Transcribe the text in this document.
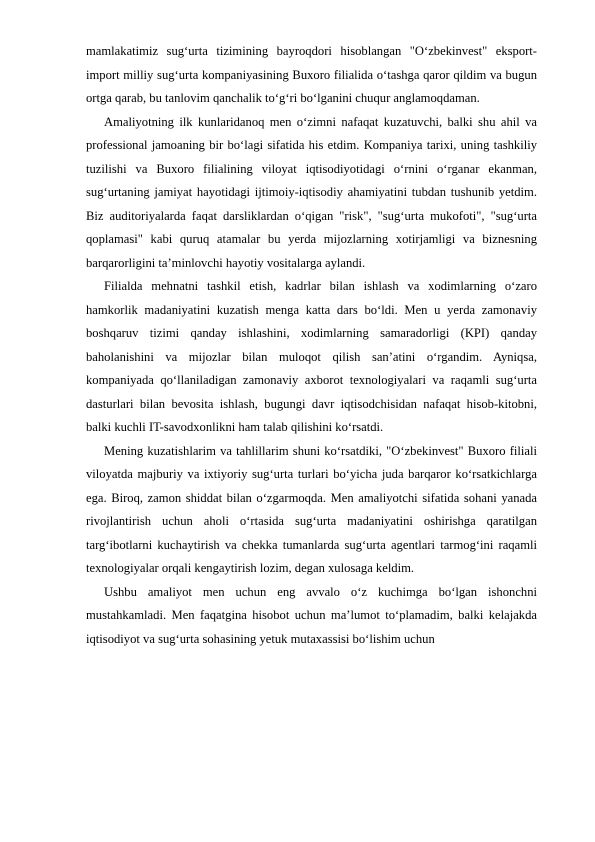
mamlakatimiz sug‘urta tizimining bayroqdori hisoblangan "O‘zbekinvest" eksport-import milliy sug‘urta kompaniyasining Buxoro filialida o‘tashga qaror qildim va bugun ortga qarab, bu tanlovim qanchalik to‘g‘ri bo‘lganini chuqur anglamoqdaman.

Amaliyotning ilk kunlaridanoq men o‘zimni nafaqat kuzatuvchi, balki shu ahil va professional jamoaning bir bo‘lagi sifatida his etdim. Kompaniya tarixi, uning tashkiliy tuzilishi va Buxoro filialining viloyat iqtisodiyotidagi o‘rnini o‘rganar ekanman, sug‘urtaning jamiyat hayotidagi ijtimoiy-iqtisodiy ahamiyatini tubdan tushunib yetdim. Biz auditoriyalarda faqat darsliklardan o‘qigan "risk", "sug‘urta mukofoti", "sug‘urta qoplamasi" kabi quruq atamalar bu yerda mijozlarning xotirjamligi va biznesning barqarorligini ta’minlovchi hayotiy vositalarga aylandi.

Filialda mehnatni tashkil etish, kadrlar bilan ishlash va xodimlarning o‘zaro hamkorlik madaniyatini kuzatish menga katta dars bo‘ldi. Men u yerda zamonaviy boshqaruv tizimi qanday ishlashini, xodimlarning samaradorligi (KPI) qanday baholanishini va mijozlar bilan muloqot qilish san’atini o‘rgandim. Ayniqsa, kompaniyada qo‘llaniladigan zamonaviy axborot texnologiyalari va raqamli sug‘urta dasturlari bilan bevosita ishlash, bugungi davr iqtisodchisidan nafaqat hisob-kitobni, balki kuchli IT-savodxonlikni ham talab qilishini ko‘rsatdi.

Mening kuzatishlarim va tahlillarim shuni ko‘rsatdiki, "O‘zbekinvest" Buxoro filiali viloyatda majburiy va ixtiyoriy sug‘urta turlari bo‘yicha juda barqaror ko‘rsatkichlarga ega. Biroq, zamon shiddat bilan o‘zgarmoqda. Men amaliyotchi sifatida sohani yanada rivojlantirish uchun aholi o‘rtasida sug‘urta madaniyatini oshirishga qaratilgan targ‘ibotlarni kuchaytirish va chekka tumanlarda sug‘urta agentlari tarmog‘ini raqamli texnologiyalar orqali kengaytirish lozim, degan xulosaga keldim.

Ushbu amaliyot men uchun eng avvalo o‘z kuchimga bo‘lgan ishonchni mustahkamladi. Men faqatgina hisobot uchun ma’lumot to‘plamadim, balki kelajakda iqtisodiyot va sug‘urta sohasining yetuk mutaxassisi bo‘lishim uchun
